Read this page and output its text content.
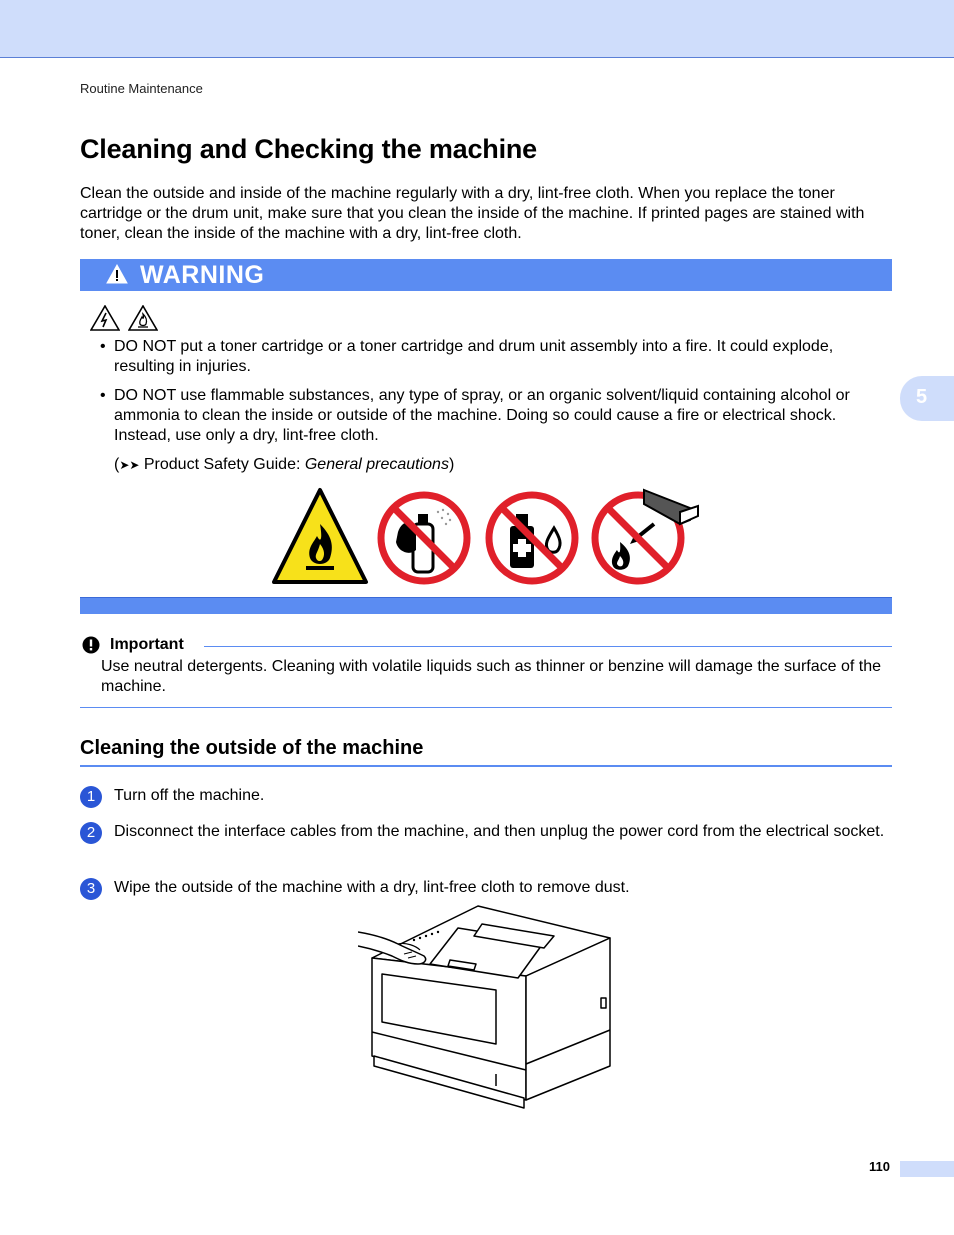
Routine Maintenance
Cleaning and Checking the machine

Clean the outside and inside of the machine regularly with a dry, lint-free cloth. When you replace the toner cartridge or the drum unit, make sure that you clean the inside of the machine. If printed pages are stained with toner, clean the inside of the machine with a dry, lint-free cloth.

WARNING
• DO NOT put a toner cartridge or a toner cartridge and drum unit assembly into a fire. It could explode, resulting in injuries.
• DO NOT use flammable substances, any type of spray, or an organic solvent/liquid containing alcohol or ammonia to clean the inside or outside of the machine. Doing so could cause a fire or electrical shock. Instead, use only a dry, lint-free cloth.
(➤➤ Product Safety Guide: General precautions)
Important

Use neutral detergents. Cleaning with volatile liquids such as thinner or benzine will damage the surface of the machine.

Cleaning the outside of the machine
1	Turn off the machine.
2	Disconnect the interface cables from the machine, and then unplug the power cord from the electrical socket.
3	Wipe the outside of the machine with a dry, lint-free cloth to remove dust.
5
110
